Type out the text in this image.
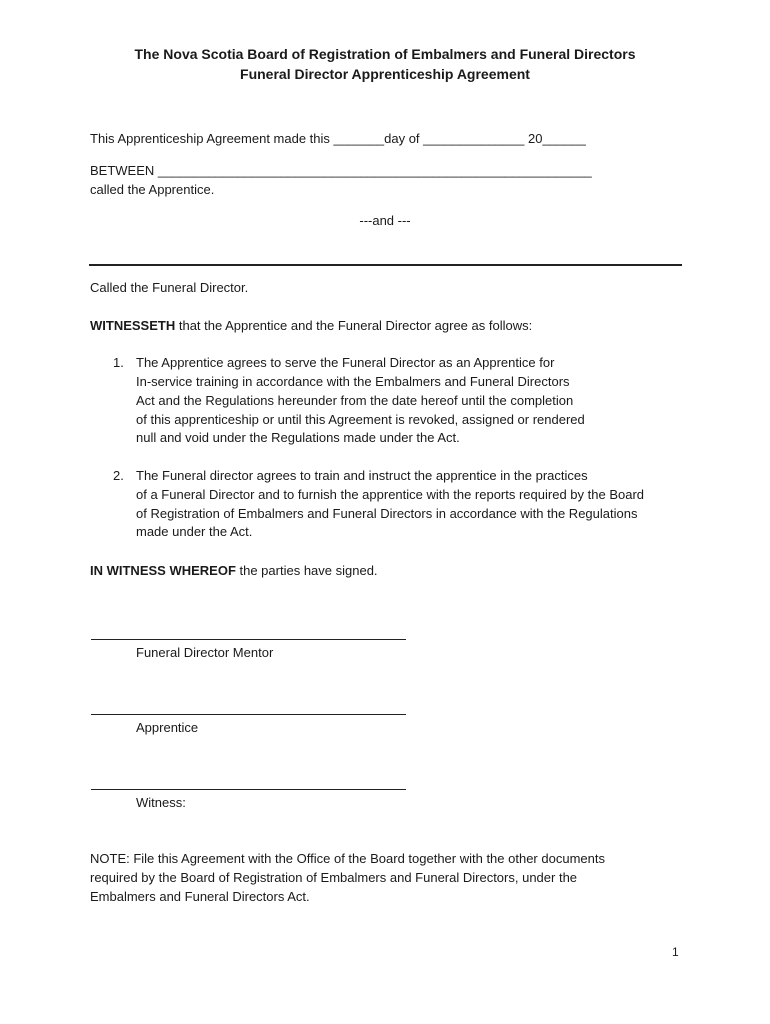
The Nova Scotia Board of Registration of Embalmers and Funeral Directors
Funeral Director Apprenticeship Agreement
This Apprenticeship Agreement made this _______day of ______________ 20______
BETWEEN ____________________________________________________________
called the Apprentice.
---and ---
Called the Funeral Director.
WITNESSETH that the Apprentice and the Funeral Director agree as follows:
1. The Apprentice agrees to serve the Funeral Director as an Apprentice for
In-service training in accordance with the Embalmers and Funeral Directors
Act and the Regulations hereunder from the date hereof until the completion
of this apprenticeship or until this Agreement is revoked, assigned or rendered
null and void under the Regulations made under the Act.
2. The Funeral director agrees to train and instruct the apprentice in the practices
of a Funeral Director and to furnish the apprentice with the reports required by the Board
of Registration of Embalmers and Funeral Directors in accordance with the Regulations
made under the Act.
IN WITNESS WHEREOF the parties have signed.
Funeral Director Mentor
Apprentice
Witness:
NOTE: File this Agreement with the Office of the Board together with the other documents
required by the Board of Registration of Embalmers and Funeral Directors, under the
Embalmers and Funeral Directors Act.
1
